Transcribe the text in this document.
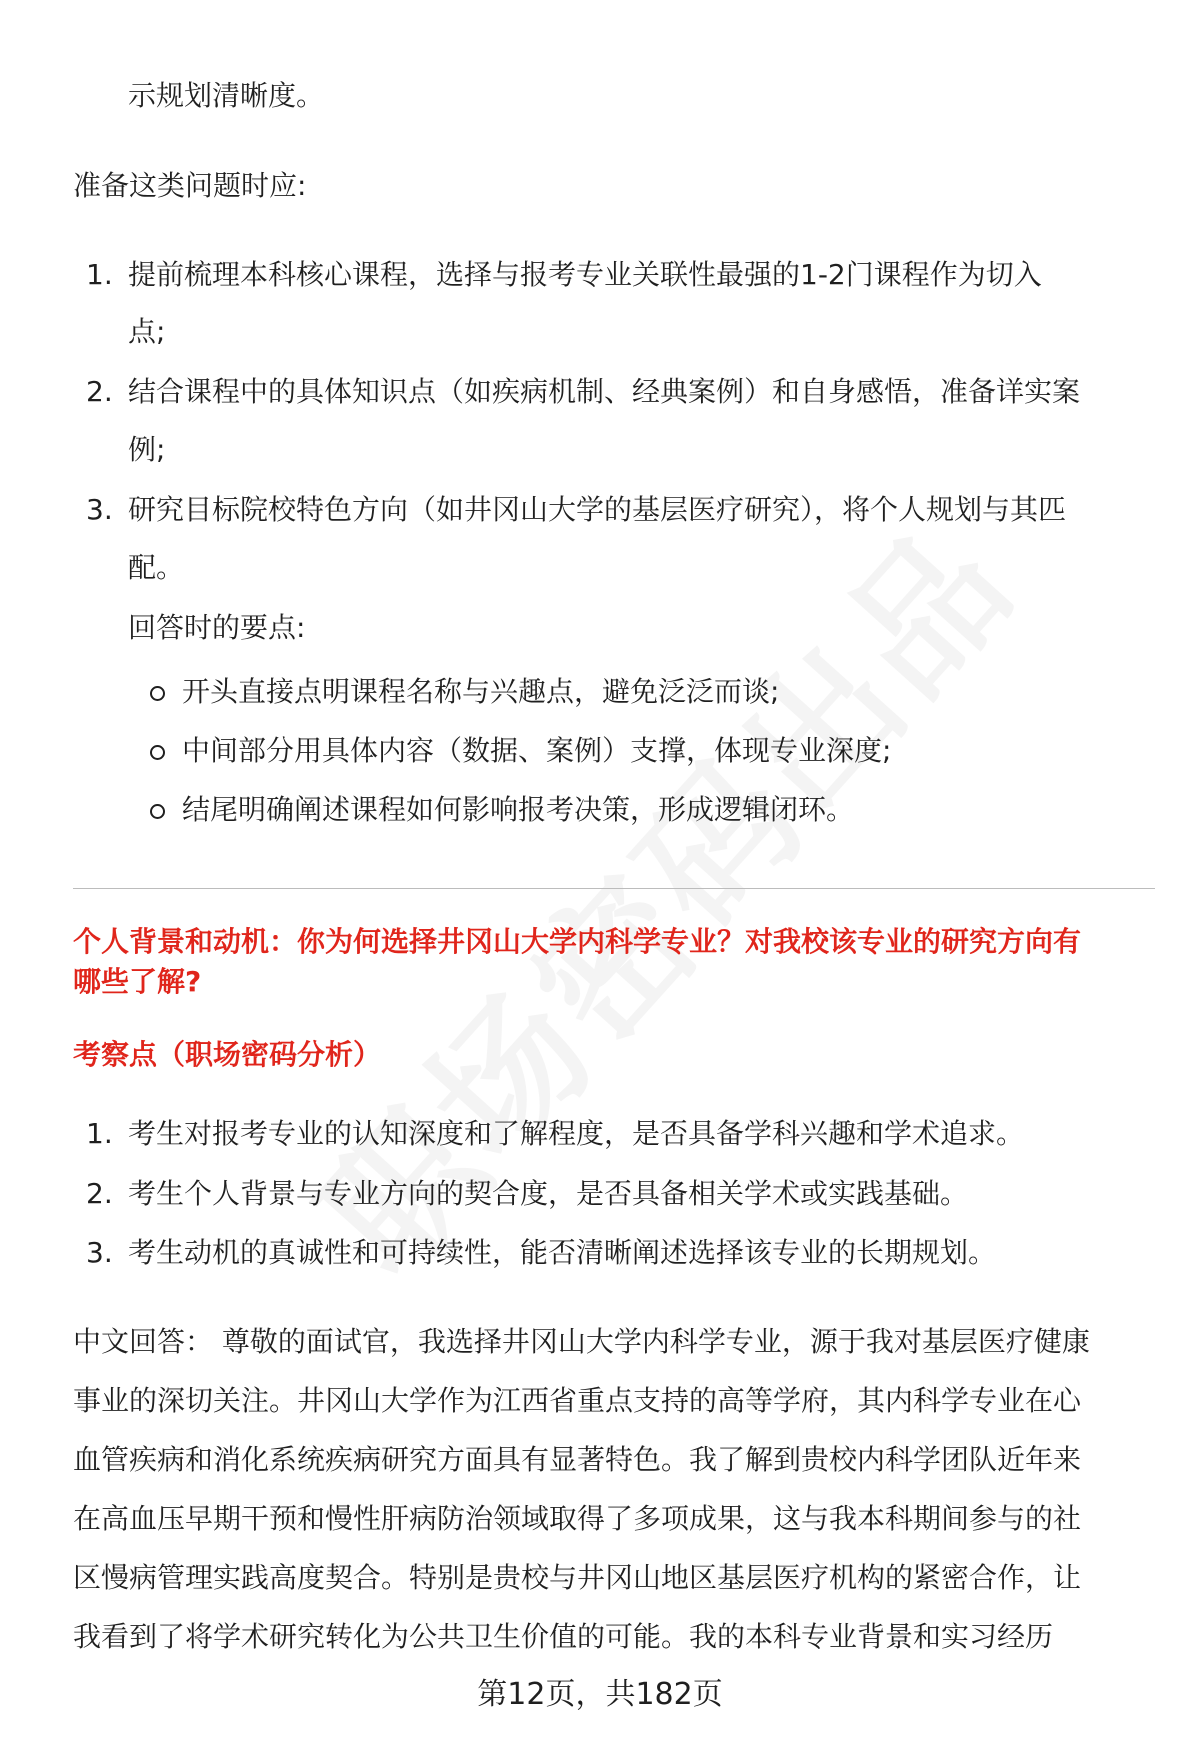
示规划清晰度。
准备这类问题时应:
1. 提前梳理本科核心课程，选择与报考专业关联性最强的1-2门课程作为切入
点;
2. 结合课程中的具体知识点（如疾病机制、经典案例）和自身感悟，准备详实案
例;
3. 研究目标院校特色方向（如井冈山大学的基层医疗研究），将个人规划与其匹
配。
回答时的要点:
开头直接点明课程名称与兴趣点，避免泛泛而谈;
中间部分用具体内容（数据、案例）支撑，体现专业深度;
结尾明确阐述课程如何影响报考决策，形成逻辑闭环。
个人背景和动机：你为何选择井冈山大学内科学专业？对我校该专业的研究方向有
哪些了解?
考察点（职场密码分析）
1. 考生对报考专业的认知深度和了解程度，是否具备学科兴趣和学术追求。
2. 考生个人背景与专业方向的契合度，是否具备相关学术或实践基础。
3. 考生动机的真诚性和可持续性，能否清晰阐述选择该专业的长期规划。
中文回答： 尊敬的面试官，我选择井冈山大学内科学专业，源于我对基层医疗健康
事业的深切关注。井冈山大学作为江西省重点支持的高等学府，其内科学专业在心
血管疾病和消化系统疾病研究方面具有显著特色。我了解到贵校内科学团队近年来
在高血压早期干预和慢性肝病防治领域取得了多项成果，这与我本科期间参与的社
区慢病管理实践高度契合。特别是贵校与井冈山地区基层医疗机构的紧密合作，让
我看到了将学术研究转化为公共卫生价值的可能。我的本科专业背景和实习经历
第12页，共182页
